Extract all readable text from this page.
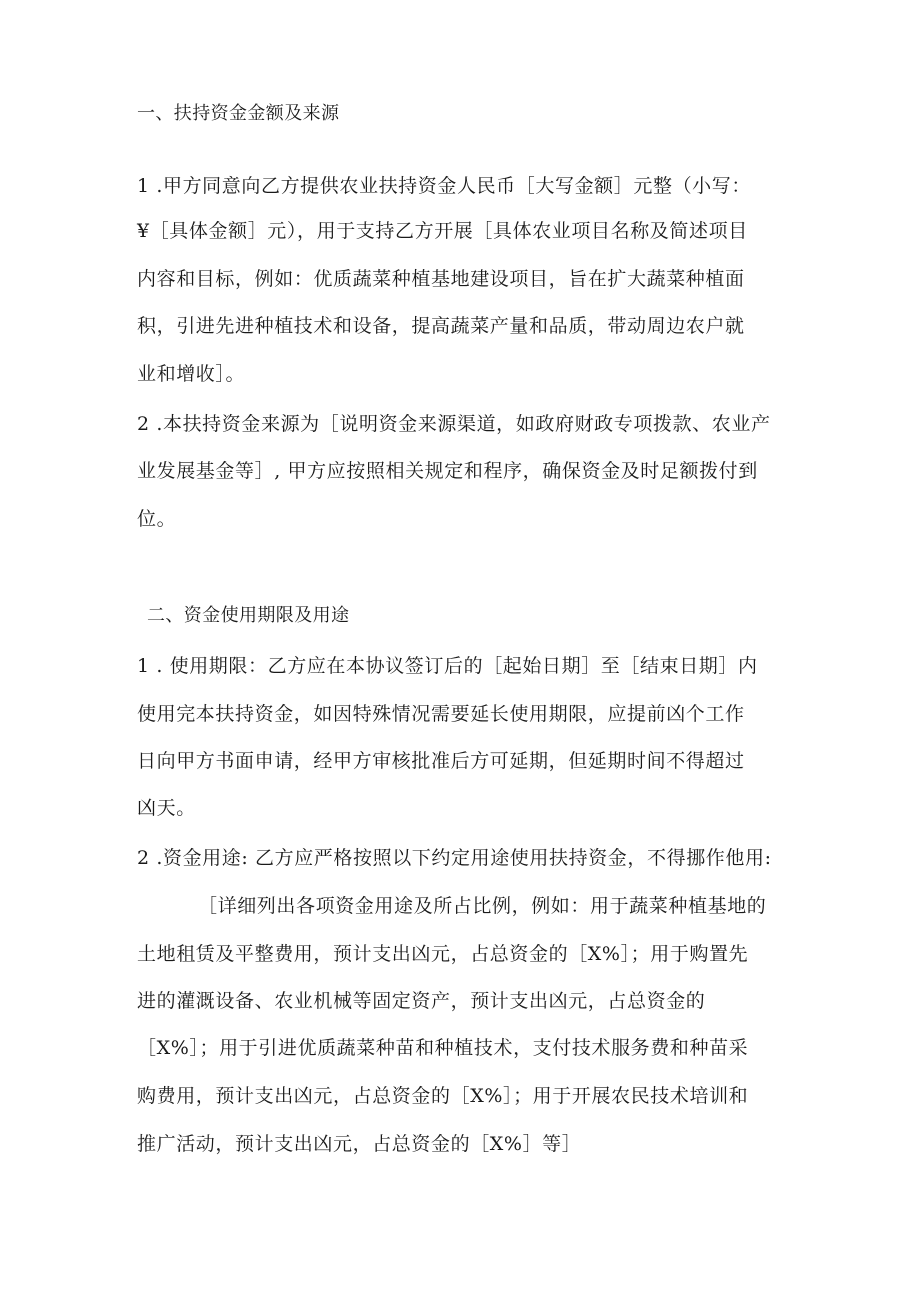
一、扶持资金金额及来源
1 .甲方同意向乙方提供农业扶持资金人民币［大写金额］元整（小写：
¥［具体金额］元），用于支持乙方开展［具体农业项目名称及简述项目
内容和目标，例如：优质蔬菜种植基地建设项目，旨在扩大蔬菜种植面
积，引进先进种植技术和设备，提高蔬菜产量和品质，带动周边农户就
业和增收］。
2 .本扶持资金来源为［说明资金来源渠道，如政府财政专项拨款、农业产
业发展基金等］, 甲方应按照相关规定和程序，确保资金及时足额拨付到
位。
二、资金使用期限及用途
1 . 使用期限：乙方应在本协议签订后的［起始日期］至［结束日期］内
使用完本扶持资金，如因特殊情况需要延长使用期限，应提前凶个工作
日向甲方书面申请，经甲方审核批准后方可延期，但延期时间不得超过
凶天。
2 .资金用途: 乙方应严格按照以下约定用途使用扶持资金，不得挪作他用:
［详细列出各项资金用途及所占比例，例如：用于蔬菜种植基地的
土地租赁及平整费用，预计支出凶元，占总资金的［X%］；用于购置先
进的灌溉设备、农业机械等固定资产，预计支出凶元，占总资金的
［X%］；用于引进优质蔬菜种苗和种植技术，支付技术服务费和种苗采
购费用，预计支出凶元，占总资金的［X%］；用于开展农民技术培训和
推广活动，预计支出凶元，占总资金的［X%］等］
